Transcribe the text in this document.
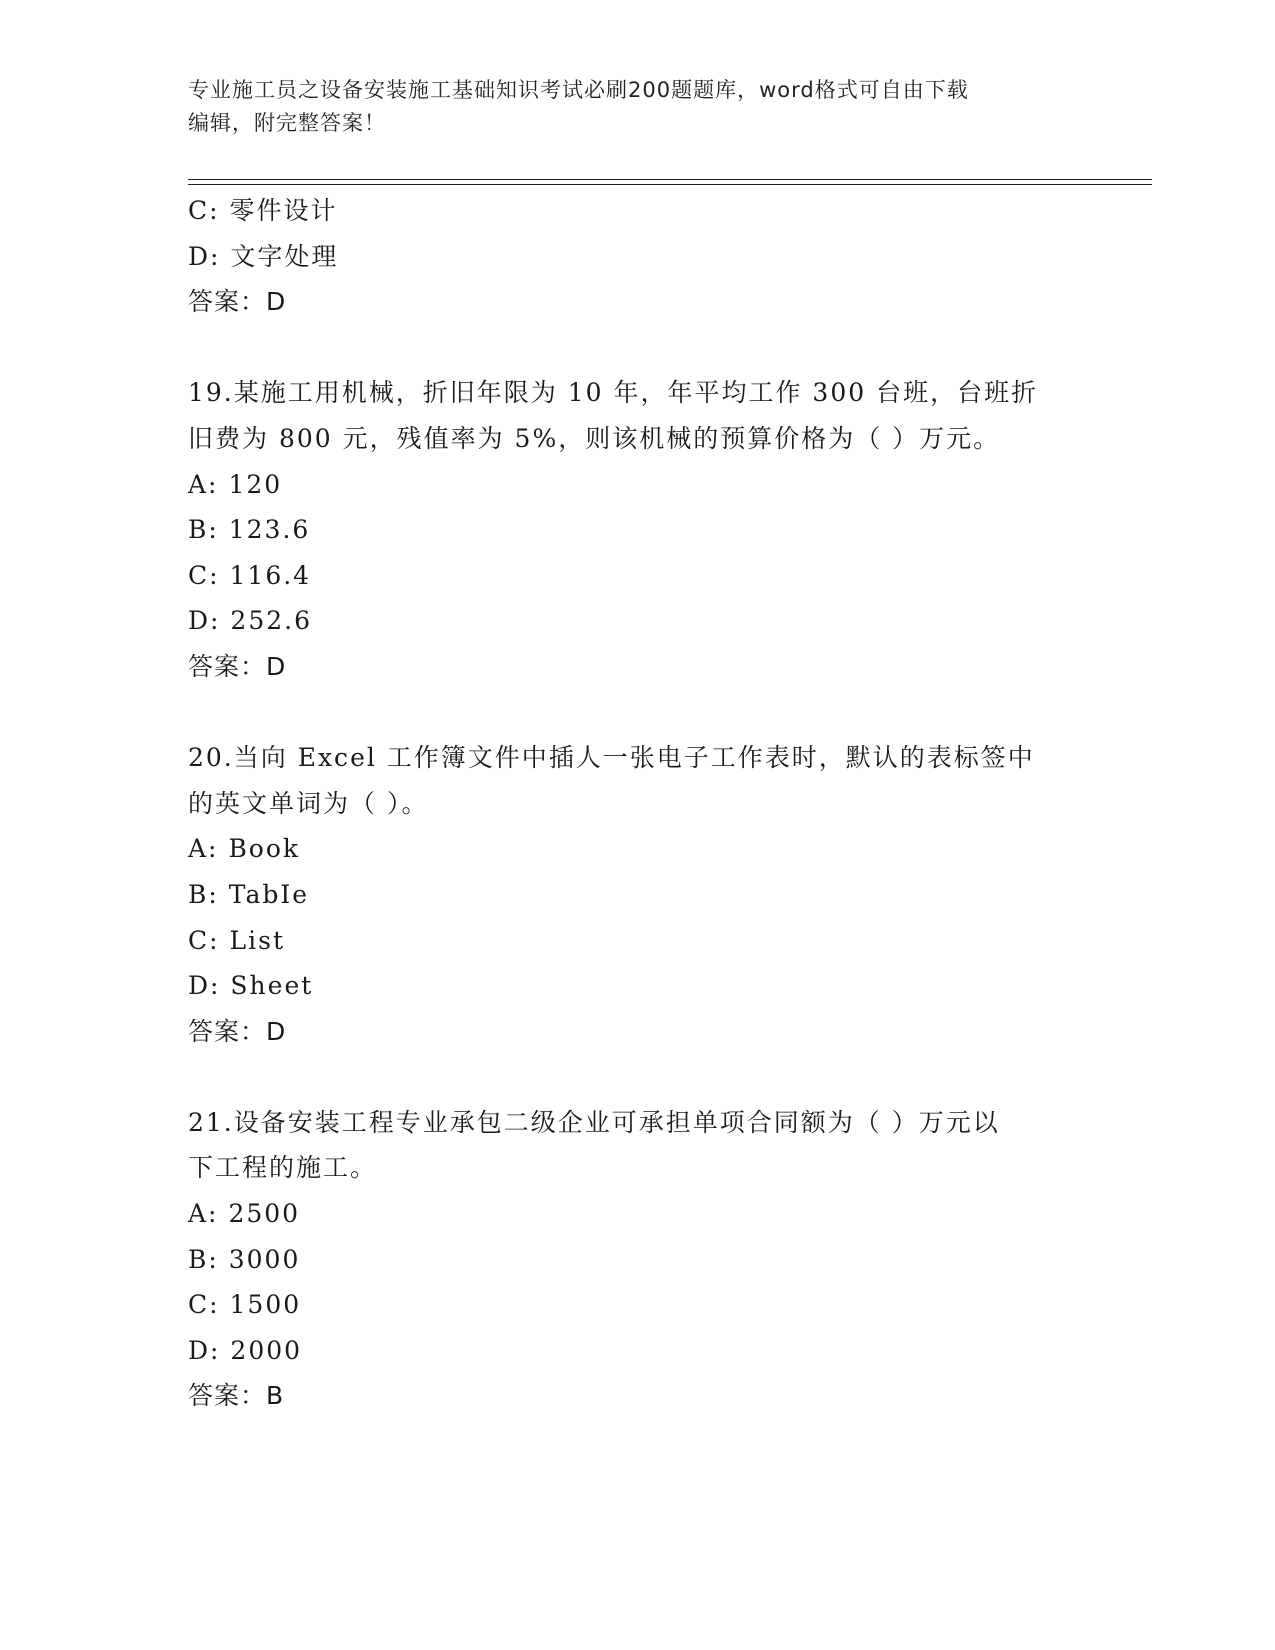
专业施工员之设备安装施工基础知识考试必刷200题题库，word格式可自由下载
编辑，附完整答案！
C: 零件设计
D: 文字处理
答案：D
19.某施工用机械，折旧年限为 10 年，年平均工作 300 台班，台班折
旧费为 800 元，残值率为 5%，则该机械的预算价格为（ ）万元。
A: 120
B: 123.6
C: 116.4
D: 252.6
答案：D
20.当向 Excel 工作簿文件中插人一张电子工作表时，默认的表标签中
的英文单词为（ ）。
A: Book
B: TabIe
C: List
D: Sheet
答案：D
21.设备安装工程专业承包二级企业可承担单项合同额为（ ）万元以
下工程的施工。
A: 2500
B: 3000
C: 1500
D: 2000
答案：B
